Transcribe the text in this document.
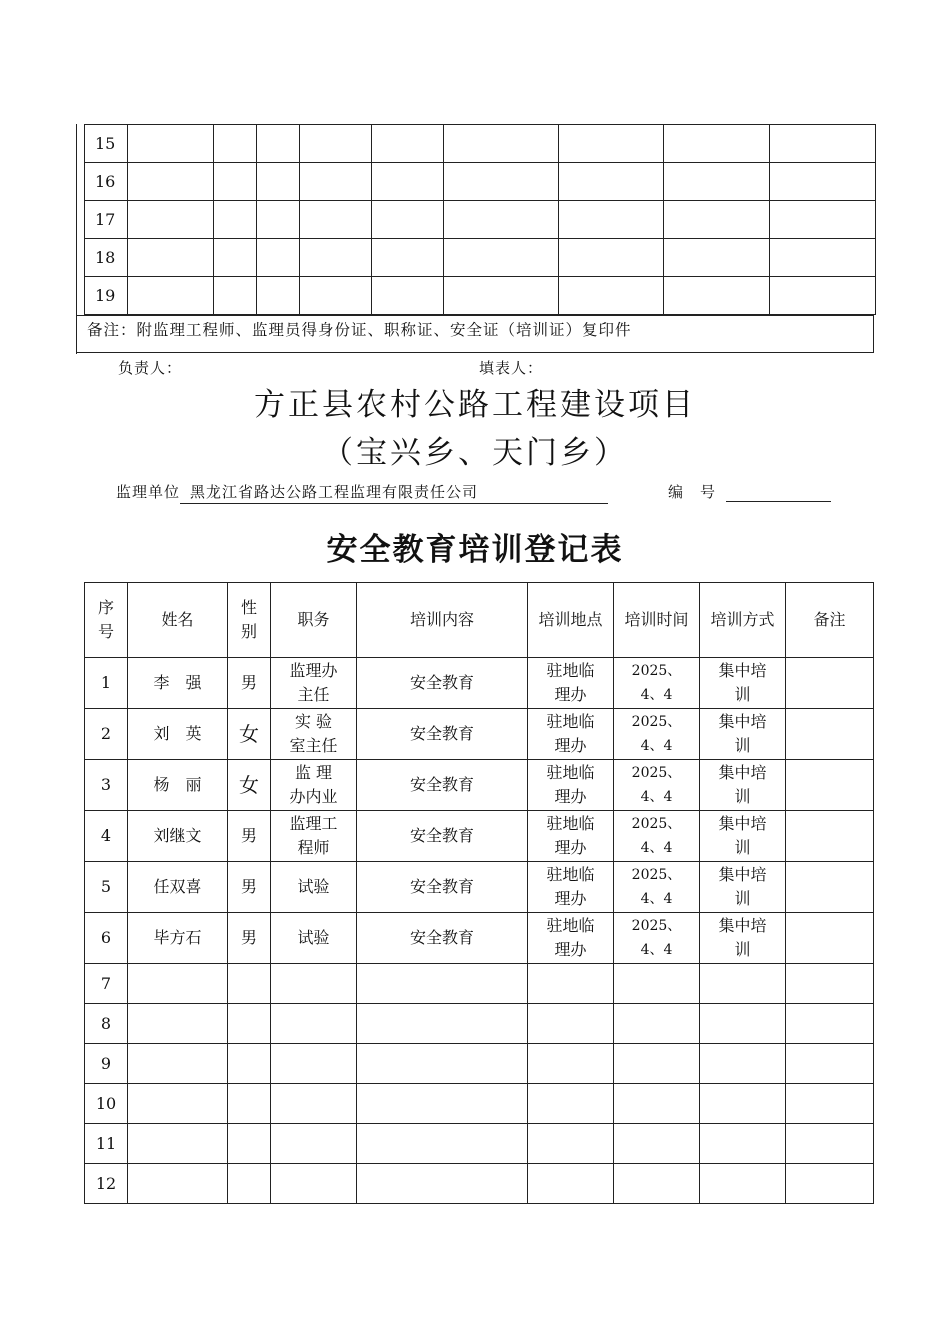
15									
16									
17									
18									
19									
备注：附监理工程师、监理员得身份证、职称证、安全证（培训证）复印件
负责人：	填表人：
方正县农村公路工程建设项目
（宝兴乡、天门乡）
监理单位 黑龙江省路达公路工程监理有限责任公司	编　号
安全教育培训登记表
序号	姓名	性别	职务	培训内容	培训地点	培训时间	培训方式	备注
1	李　强	男	监理办主任	安全教育	驻地临理办	2025、4、4	集中培训	

2	刘　英	女	实 验 室主任	安全教育	驻地临理办	2025、4、4	集中培训	

3	杨　丽	女	监 理 办内业	安全教育	驻地临理办	2025、4、4	集中培训	

4	刘继文	男	监理工程师	安全教育	驻地临理办	2025、4、4	集中培训	

5	任双喜	男	试验	安全教育	驻地临理办	2025、4、4	集中培训	

6	毕方石	男	试验	安全教育	驻地临理办	2025、4、4	集中培训	

7								
8								
9								
10								
11								
12								
